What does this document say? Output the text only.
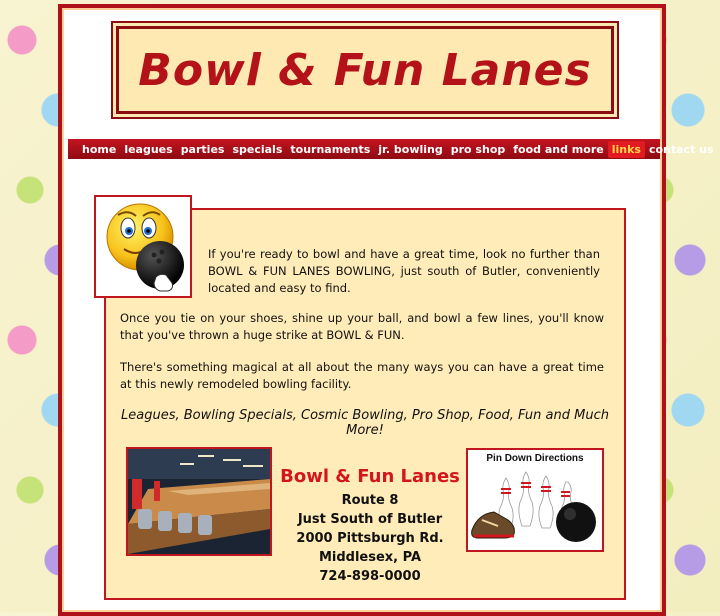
Bowl & Fun Lanes
home leagues parties specials tournaments jr. bowling pro shop food and more links contact us

If you're ready to bowl and have a great time, look no further than BOWL & FUN LANES BOWLING, just south of Butler, conveniently located and easy to find.

Once you tie on your shoes, shine up your ball, and bowl a few lines, you'll know that you've thrown a huge strike at BOWL & FUN.

There's something magical at all about the many ways you can have a great time at this newly remodeled bowling facility.

Leagues, Bowling Specials, Cosmic Bowling, Pro Shop, Food, Fun and Much More!

Bowl & Fun Lanes

Route 8

Just South of Butler

2000 Pittsburgh Rd.

Middlesex, PA

724-898-0000

Pin Down Directions
